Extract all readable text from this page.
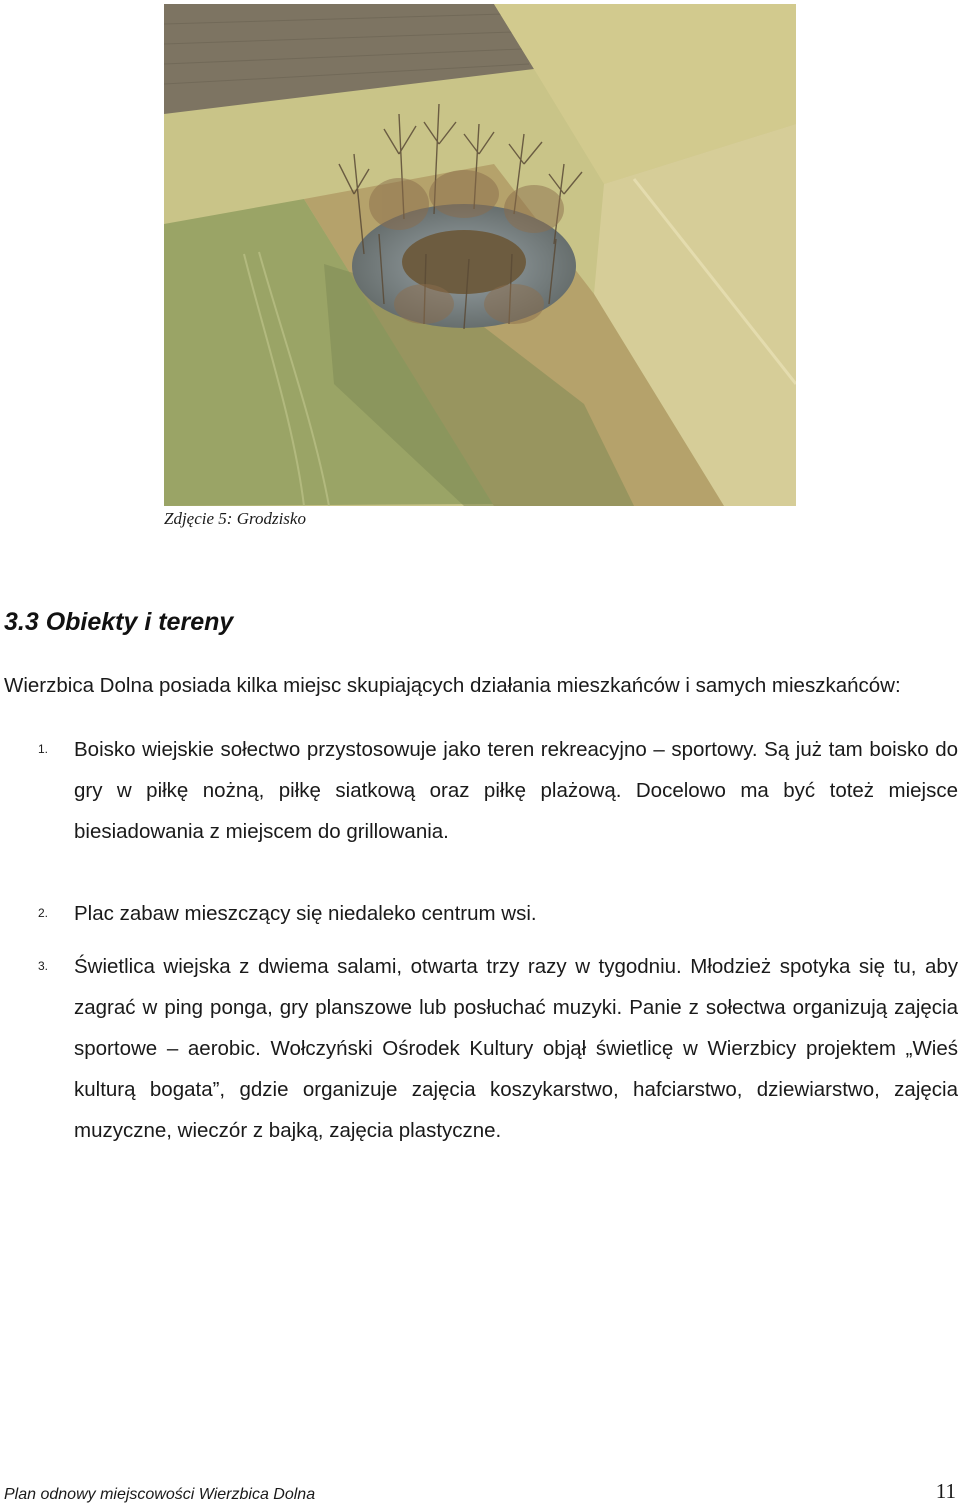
Zdjęcie 5: Grodzisko
3.3 Obiekty i tereny

Wierzbica Dolna posiada kilka miejsc skupiających działania mieszkańców i samych mieszkańców:

1. Boisko wiejskie sołectwo przystosowuje jako teren rekreacyjno – sportowy. Są już tam boisko do gry w piłkę nożną, piłkę siatkową oraz piłkę plażową. Docelowo ma być toteż miejsce biesiadowania z miejscem do grillowania.
2. Plac zabaw mieszczący się niedaleko centrum wsi.
3. Świetlica wiejska z dwiema salami, otwarta trzy razy w tygodniu. Młodzież spotyka się tu, aby zagrać w ping ponga, gry planszowe lub posłuchać muzyki. Panie z sołectwa organizują zajęcia sportowe – aerobic. Wołczyński Ośrodek Kultury objął świetlicę w Wierzbicy projektem „Wieś kulturą bogata”, gdzie organizuje zajęcia koszykarstwo, hafciarstwo, dziewiarstwo, zajęcia muzyczne, wieczór z bajką, zajęcia plastyczne.
Plan odnowy miejscowości Wierzbica Dolna	11
